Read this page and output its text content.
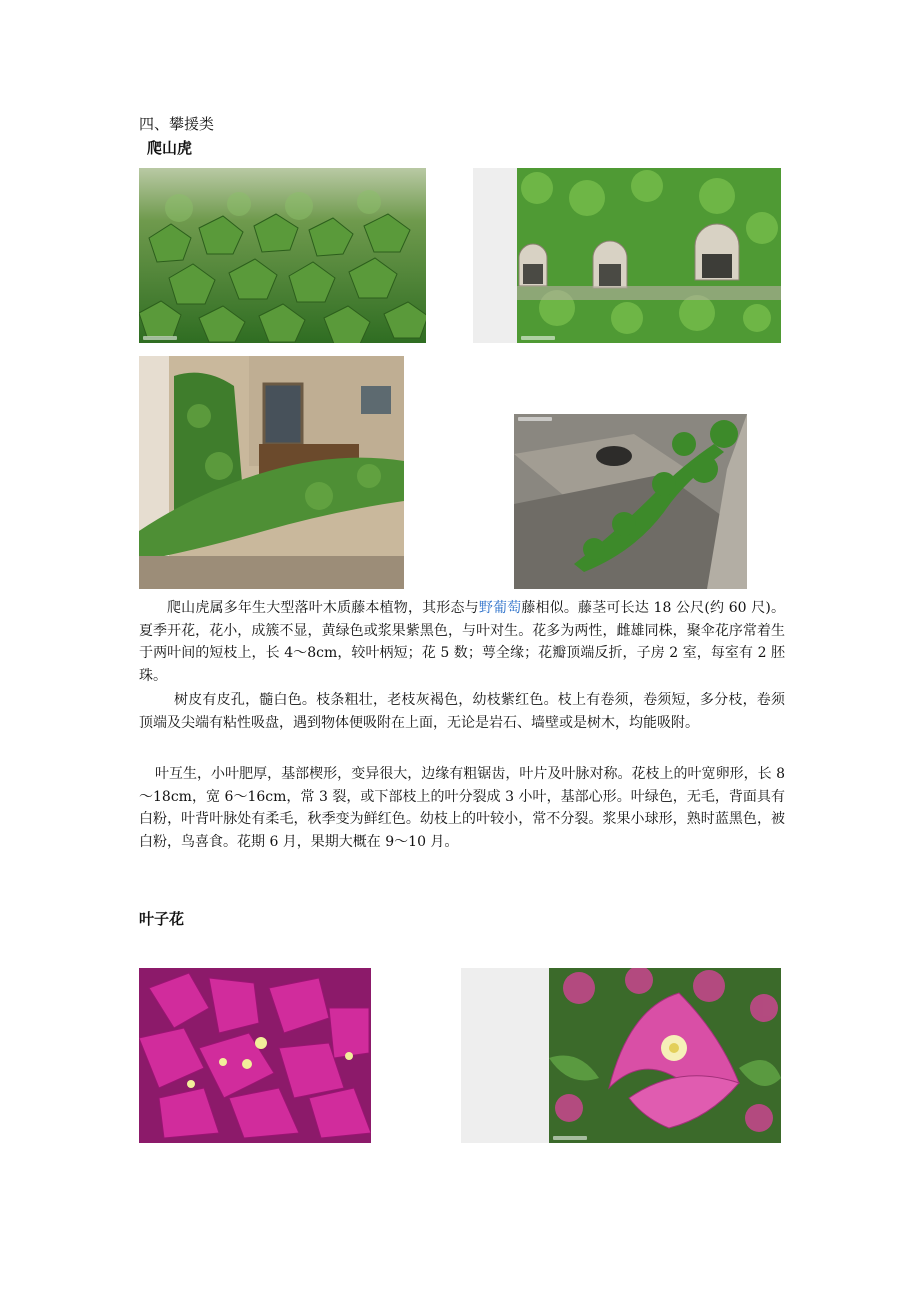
四、攀援类
爬山虎
爬山虎属多年生大型落叶木质藤本植物，其形态与野葡萄藤相似。藤茎可长达 18 公尺(约 60 尺)。夏季开花，花小，成簇不显，黄绿色或浆果紫黑色，与叶对生。花多为两性，雌雄同株，聚伞花序常着生于两叶间的短枝上，长 4～8cm，较叶柄短；花 5 数；萼全缘；花瓣顶端反折，子房 2 室，每室有 2 胚珠。
树皮有皮孔，髓白色。枝条粗壮，老枝灰褐色，幼枝紫红色。枝上有卷须，卷须短，多分枝，卷须顶端及尖端有粘性吸盘，遇到物体便吸附在上面，无论是岩石、墙壁或是树木，均能吸附。
叶互生，小叶肥厚，基部楔形，变异很大，边缘有粗锯齿，叶片及叶脉对称。花枝上的叶宽卵形，长 8～18cm，宽 6～16cm，常 3 裂，或下部枝上的叶分裂成 3 小叶，基部心形。叶绿色，无毛，背面具有白粉，叶背叶脉处有柔毛，秋季变为鲜红色。幼枝上的叶较小，常不分裂。浆果小球形，熟时蓝黑色，被白粉，鸟喜食。花期 6 月，果期大概在 9～10 月。
叶子花
